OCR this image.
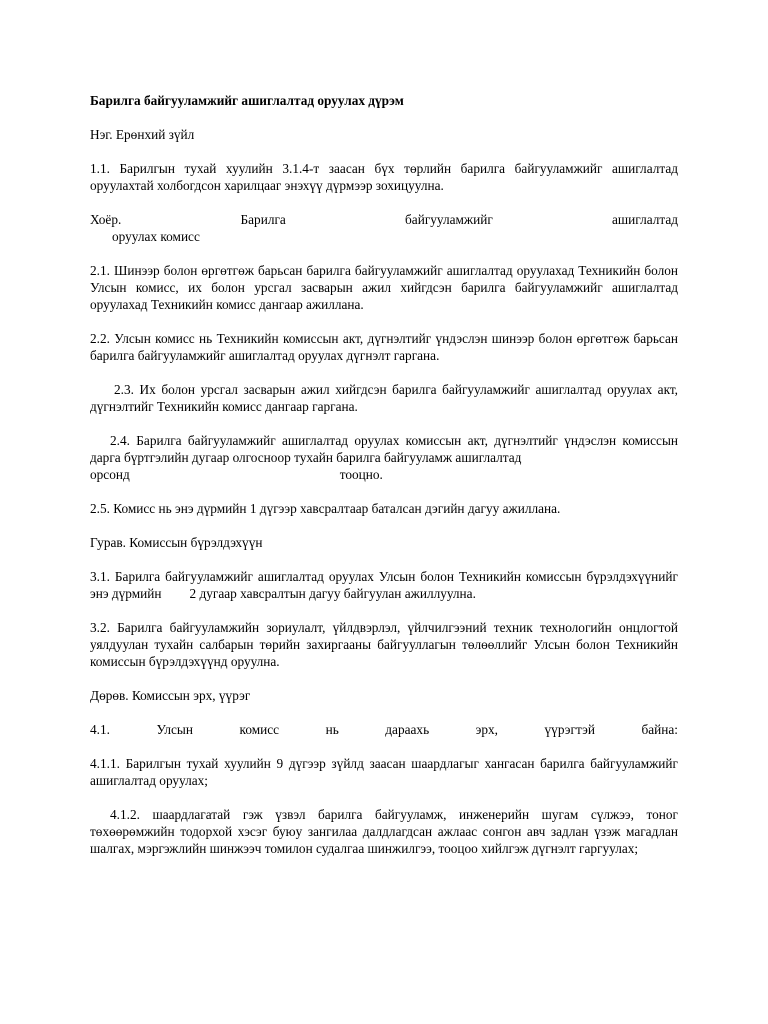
Барилга байгууламжийг ашиглалтад оруулах дүрэм

Нэг. Ерөнхий зүйл

1.1. Барилгын тухай хуулийн 3.1.4-т заасан бүх төрлийн барилга байгууламжийг ашиглалтад оруулахтай холбогдсон харилцааг энэхүү дүрмээр зохицуулна.

Хоёр.	Барилга	байгууламжийг	ашиглалтад
оруулах комисс

2.1. Шинээр болон өргөтгөж барьсан барилга байгууламжийг ашиглалтад оруулахад Техникийн болон Улсын комисс, их болон урсгал засварын ажил хийгдсэн барилга байгууламжийг ашиглалтад оруулахад Техникийн комисс дангаар ажиллана.

2.2. Улсын комисс нь Техникийн комиссын акт, дүгнэлтийг үндэслэн шинээр болон өргөтгөж барьсан барилга байгууламжийг ашиглалтад оруулах дүгнэлт гаргана.

2.3. Их болон урсгал засварын ажил хийгдсэн барилга байгууламжийг ашиглалтад оруулах акт, дүгнэлтийг Техникийн комисс дангаар гаргана.

2.4. Барилга байгууламжийг ашиглалтад оруулах комиссын акт, дүгнэлтийг үндэслэн комиссын дарга бүртгэлийн дугаар олгосноор тухайн барилга байгууламж ашиглалтад

орсонд	тооцно.

2.5. Комисс нь энэ дүрмийн 1 дүгээр хавсралтаар баталсан дэгийн дагуу ажиллана.

Гурав. Комиссын бүрэлдэхүүн

3.1. Барилга байгууламжийг ашиглалтад оруулах Улсын болон Техникийн комиссын бүрэлдэхүүнийг энэ дүрмийн 2 дугаар хавсралтын дагуу байгуулан ажиллуулна.

3.2. Барилга байгууламжийн зориулалт, үйлдвэрлэл, үйлчилгээний техник технологийн онцлогтой уялдуулан тухайн салбарын төрийн захиргааны байгууллагын төлөөллийг Улсын болон Техникийн комиссын бүрэлдэхүүнд оруулна.

Дөрөв. Комиссын эрх, үүрэг

4.1.	Улсын	комисс	нь	дараахь	эрх,	үүрэгтэй	байна:

4.1.1. Барилгын тухай хуулийн 9 дүгээр зүйлд заасан шаардлагыг хангасан барилга байгууламжийг ашиглалтад оруулах;

4.1.2. шаардлагатай гэж үзвэл барилга байгууламж, инженерийн шугам сүлжээ, тоног төхөөрөмжийн тодорхой хэсэг буюу зангилаа далдлагдсан ажлаас сонгон авч задлан үзэж магадлан шалгах, мэргэжлийн шинжээч томилон судалгаа шинжилгээ, тооцоо хийлгэж дүгнэлт гаргуулах;
